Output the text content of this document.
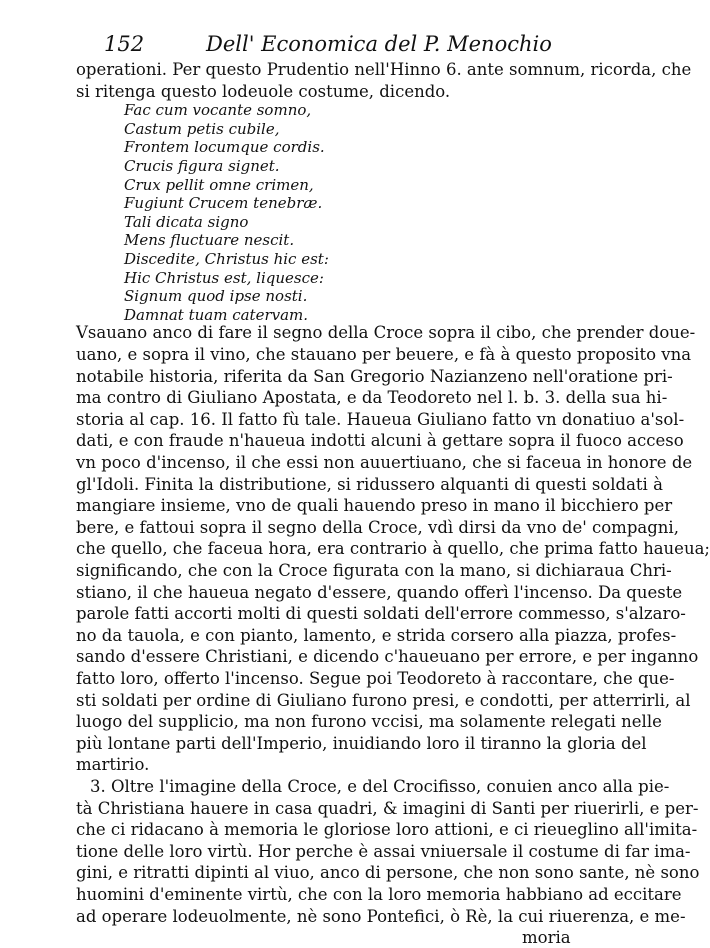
152	Dell' Economica del P. Menochio
operationi. Per questo Prudentio nell'Hinno 6. ante somnum, ricorda, che
si ritenga questo lodeuole costume, dicendo.
Fac cum vocante somno,
Castum petis cubile,
Frontem locumque cordis.
Crucis figura signet.
Crux pellit omne crimen,
Fugiunt Crucem tenebræ.
Tali dicata signo
Mens fluctuare nescit.
Discedite, Christus hic est:
Hic Christus est, liquesce:
Signum quod ipse nosti.
Damnat tuam catervam.
Vsauano anco di fare il segno della Croce sopra il cibo, che prender doue-
uano, e sopra il vino, che stauano per beuere, e fà à questo proposito vna
notabile historia, riferita da San Gregorio Nazianzeno nell'oratione pri-
ma contro di Giuliano Apostata, e da Teodoreto nel l. b. 3. della sua hi-
storia al cap. 16. Il fatto fù tale. Haueua Giuliano fatto vn donatiuo a'sol-
dati, e con fraude n'haueua indotti alcuni à gettare sopra il fuoco acceso
vn poco d'incenso, il che essi non auuertiuano, che si faceua in honore de
gl'Idoli. Finita la distributione, si ridussero alquanti di questi soldati à
mangiare insieme, vno de quali hauendo preso in mano il bicchiero per
bere, e fattoui sopra il segno della Croce, vdì dirsi da vno de' compagni,
che quello, che faceua hora, era contrario à quello, che prima fatto haueua;
significando, che con la Croce figurata con la mano, si dichiaraua Chri-
stiano, il che haueua negato d'essere, quando offerì l'incenso. Da queste
parole fatti accorti molti di questi soldati dell'errore commesso, s'alzaro-
no da tauola, e con pianto, lamento, e strida corsero alla piazza, profes-
sando d'essere Christiani, e dicendo c'haueuano per errore, e per inganno
fatto loro, offerto l'incenso. Segue poi Teodoreto à raccontare, che que-
sti soldati per ordine di Giuliano furono presi, e condotti, per atterrirli, al
luogo del supplicio, ma non furono vccisi, ma solamente relegati nelle
più lontane parti dell'Imperio, inuidiando loro il tiranno la gloria del
martirio.
3. Oltre l'imagine della Croce, e del Crocifisso, conuien anco alla pie-
tà Christiana hauere in casa quadri, & imagini di Santi per riuerirli, e per-
che ci ridacano à memoria le gloriose loro attioni, e ci rieueglino all'imita-
tione delle loro virtù. Hor perche è assai vniuersale il costume di far ima-
gini, e ritratti dipinti al viuo, anco di persone, che non sono sante, nè sono
huomini d'eminente virtù, che con la loro memoria habbiano ad eccitare
ad operare lodeuolmente, nè sono Pontefici, ò Rè, la cui riuerenza, e me-
moria
